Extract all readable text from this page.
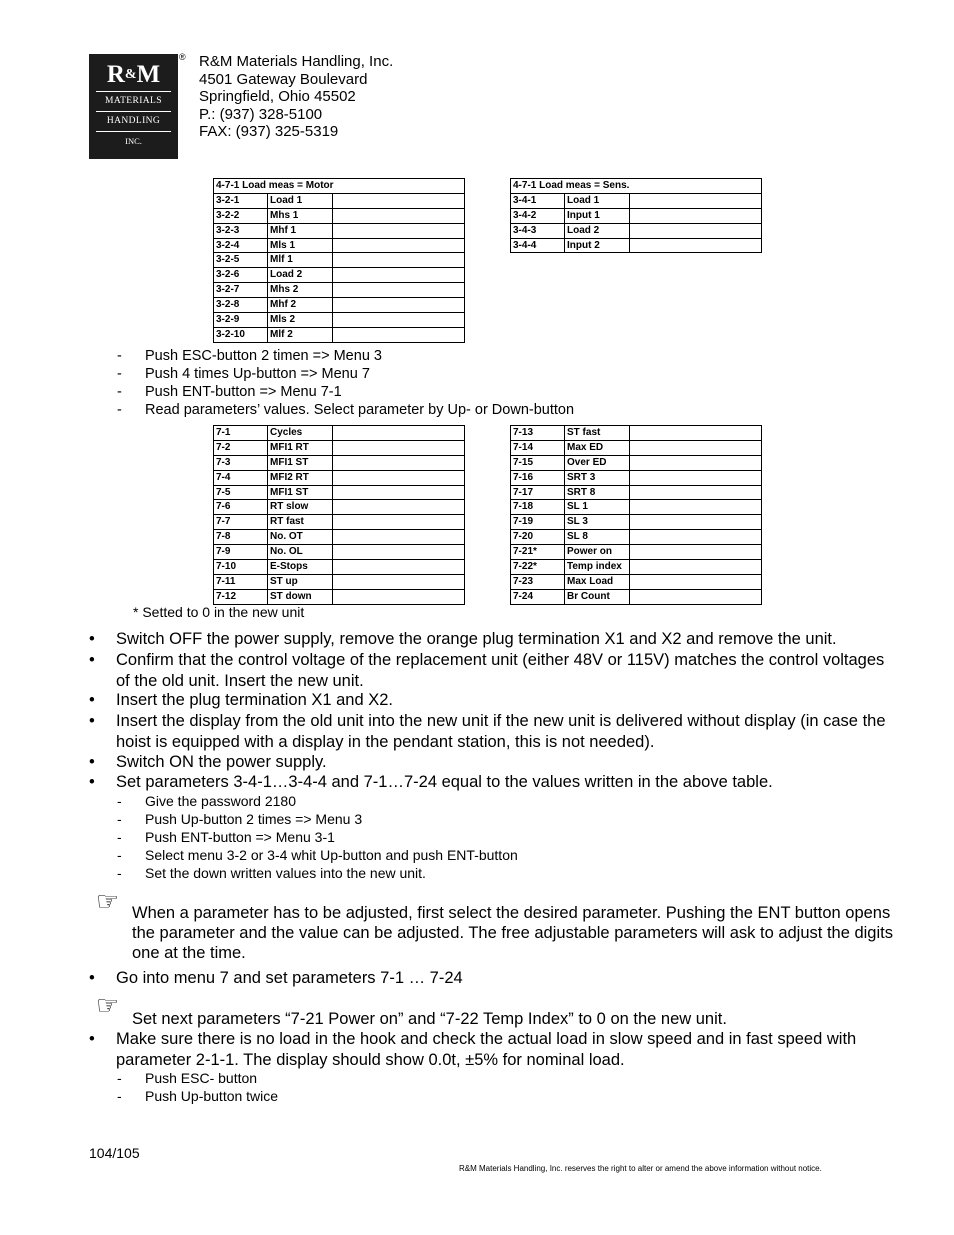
R&M
MATERIALS
HANDLING
INC.
® R&M Materials Handling, Inc.
4501 Gateway Boulevard
Springfield, Ohio 45502
P.: (937) 328-5100
FAX: (937) 325-5319
4-7-1 Load meas = Motor		
3-2-1	Load 1	
3-2-2	Mhs 1	
3-2-3	Mhf 1	
3-2-4	Mls 1	
3-2-5	Mlf 1	
3-2-6	Load 2	
3-2-7	Mhs 2	
3-2-8	Mhf 2	
3-2-9	Mls 2	
3-2-10	Mlf 2	
4-7-1 Load meas = Sens.		
3-4-1	Load 1	
3-4-2	Input 1	
3-4-3	Load 2	
3-4-4	Input 2	
- Push ESC-button 2 timen => Menu 3
- Push 4 times Up-button => Menu 7
- Push ENT-button => Menu 7-1
- Read parameters’ values. Select parameter by Up- or Down-button
7-1	Cycles	
7-2	MFI1 RT	
7-3	MFI1 ST	
7-4	MFI2 RT	
7-5	MFI1 ST	
7-6	RT slow	
7-7	RT fast	
7-8	No. OT	
7-9	No. OL	
7-10	E-Stops	
7-11	ST up	
7-12	ST down	
7-13	ST fast	
7-14	Max ED	
7-15	Over ED	
7-16	SRT 3	
7-17	SRT 8	
7-18	SL 1	
7-19	SL 3	
7-20	SL 8	
7-21*	Power on	
7-22*	Temp index	
7-23	Max Load	
7-24	Br Count	
* Setted to 0 in the new unit
• Switch OFF the power supply, remove the orange plug termination X1 and X2 and remove the unit.
• Confirm that the control voltage of the replacement unit (either 48V or 115V) matches the control voltages of the old unit. Insert the new unit.
• Insert the plug termination X1 and X2.
• Insert the display from the old unit into the new unit if the new unit is delivered without display (in case the hoist is equipped with a display in the pendant station, this is not needed).
• Switch ON the power supply.
• Set parameters 3-4-1…3-4-4 and 7-1…7-24 equal to the values written in the above table.
- Give the password 2180
- Push Up-button 2 times => Menu 3
- Push ENT-button => Menu 3-1
- Select menu 3-2 or 3-4 whit Up-button and push ENT-button
- Set the down written values into the new unit.
☞ When a parameter has to be adjusted, first select the desired parameter. Pushing the ENT button opens the parameter and the value can be adjusted. The free adjustable parameters will ask to adjust the digits one at the time.
• Go into menu 7 and set parameters 7-1 … 7-24
☞ Set next parameters “7-21 Power on” and “7-22 Temp Index” to 0 on the new unit.
• Make sure there is no load in the hook and check the actual load in slow speed and in fast speed with parameter 2-1-1. The display should show 0.0t, ±5% for nominal load.
- Push ESC- button
- Push Up-button twice
104/105
R&M Materials Handling, Inc. reserves the right to alter or amend the above information without notice.
